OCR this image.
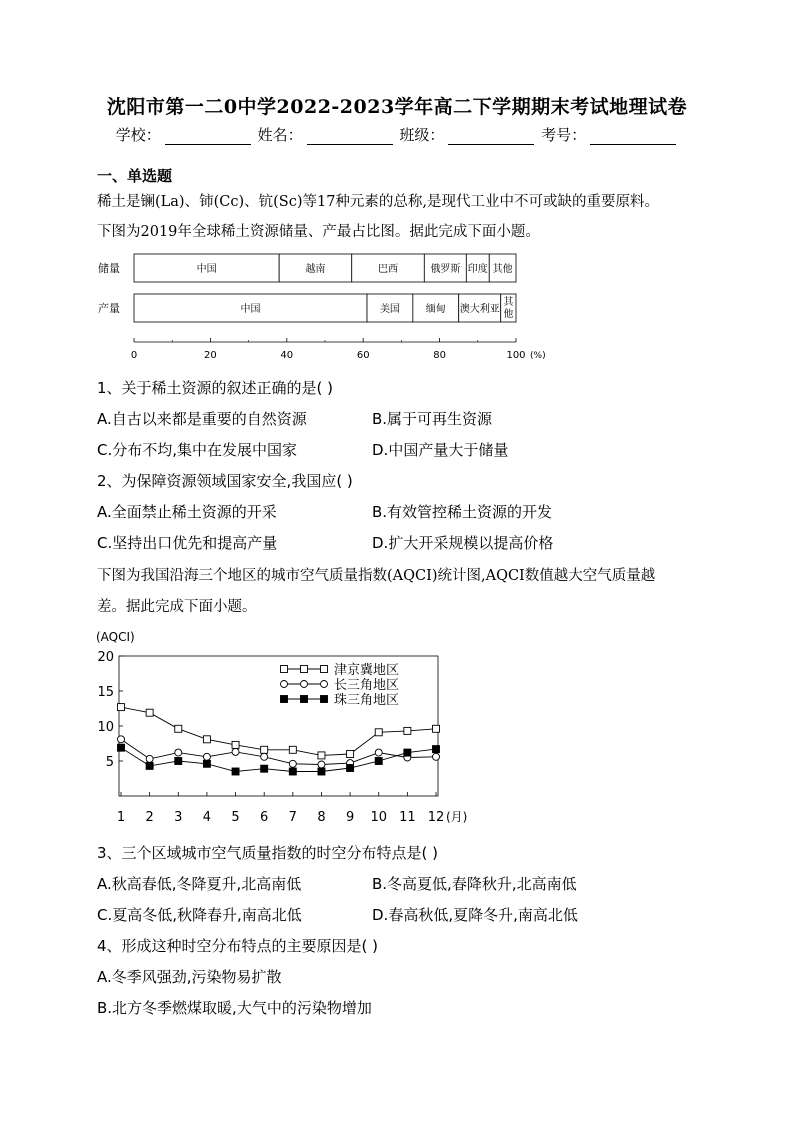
沈阳市第一二0中学2022-2023学年高二下学期期末考试地理试卷
学校：	姓名：	班级：	考号：
一、单选题
稀土是镧(La)、铈(Cc)、钪(Sc)等17种元素的总称,是现代工业中不可或缺的重要原料。
下图为2019年全球稀土资源储量、产最占比图。据此完成下面小题。
储量	中国	越南	巴西	俄罗斯 印度 其他
产量	中国	美国	缅甸 澳大利亚
其
他
0	20	40	60	80	100 (%)
1、关于稀土资源的叙述正确的是( )
A.自古以来都是重要的自然资源	B.属于可再生资源
C.分布不均,集中在发展中国家	D.中国产量大于储量
2、为保障资源领域国家安全,我国应( )
A.全面禁止稀土资源的开采	B.有效管控稀土资源的开发
C.坚持出口优先和提高产量	D.扩大开采规模以提高价格
下图为我国沿海三个地区的城市空气质量指数(AQCI)统计图,AQCI数值越大空气质量越
差。据此完成下面小题。
(AQCI)
5
10
15
20
1 2 3 4 5 6 7 8 9 10 11 12 (月)
津京冀地区
长三角地区
珠三角地区
3、三个区域城市空气质量指数的时空分布特点是( )
A.秋高春低,冬降夏升,北高南低	B.冬高夏低,春降秋升,北高南低
C.夏高冬低,秋降春升,南高北低	D.春高秋低,夏降冬升,南高北低
4、形成这种时空分布特点的主要原因是( )
A.冬季风强劲,污染物易扩散
B.北方冬季燃煤取暖,大气中的污染物增加
